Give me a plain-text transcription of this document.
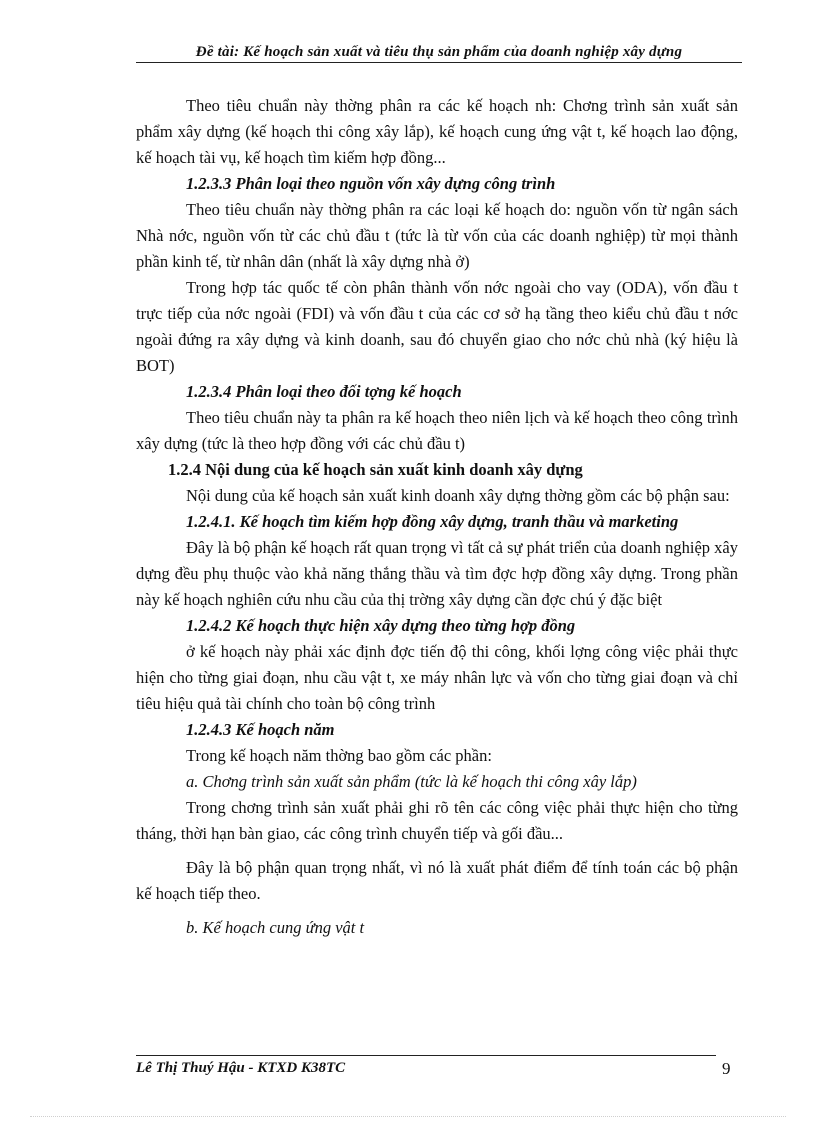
Đề tài: Kế hoạch sản xuất và tiêu thụ sản phẩm của doanh nghiệp xây dựng

Theo tiêu chuẩn này thờng phân ra các kế hoạch nh: Chơng trình sản xuất sản phẩm xây dựng (kế hoạch thi công xây lắp), kế hoạch cung ứng vật t, kế hoạch lao động, kế hoạch tài vụ, kế hoạch tìm kiếm hợp đồng...

1.2.3.3 Phân loại theo nguồn vốn xây dựng công trình

Theo tiêu chuẩn này thờng phân ra các loại kế hoạch do: nguồn vốn từ ngân sách Nhà nớc, nguồn vốn từ các chủ đầu t (tức là từ vốn của các doanh nghiệp) từ mọi thành phần kinh tế, từ nhân dân (nhất là xây dựng nhà ở)

Trong hợp tác quốc tế còn phân thành vốn nớc ngoài cho vay (ODA), vốn đầu t trực tiếp của nớc ngoài (FDI) và vốn đầu t của các cơ sở hạ tầng theo kiểu chủ đầu t nớc ngoài đứng ra xây dựng và kinh doanh, sau đó chuyển giao cho nớc chủ nhà (ký hiệu là BOT)

1.2.3.4 Phân loại theo đối tợng kế hoạch

Theo tiêu chuẩn này ta phân ra kế hoạch theo niên lịch và kế hoạch theo công trình xây dựng (tức là theo hợp đồng với các chủ đầu t)

1.2.4 Nội dung của kế hoạch sản xuất kinh doanh xây dựng

Nội dung của kế hoạch sản xuất kinh doanh xây dựng thờng gồm các bộ phận sau:

1.2.4.1. Kế hoạch tìm kiếm hợp đồng xây dựng, tranh thầu và marketing

Đây là bộ phận kế hoạch rất quan trọng vì tất cả sự phát triển của doanh nghiệp xây dựng đều phụ thuộc vào khả năng thắng thầu và tìm đợc hợp đồng xây dựng. Trong phần này kế hoạch nghiên cứu nhu cầu của thị trờng xây dựng cần đợc chú ý đặc biệt

1.2.4.2 Kế hoạch thực hiện xây dựng theo từng hợp đồng

ở kế hoạch này phải xác định đợc tiến độ thi công, khối lợng công việc phải thực hiện cho từng giai đoạn, nhu cầu vật t, xe máy nhân lực và vốn cho từng giai đoạn và chỉ tiêu hiệu quả tài chính cho toàn bộ công trình

1.2.4.3 Kế hoạch năm

Trong kế hoạch năm thờng bao gồm các phần:

a. Chơng trình sản xuất sản phẩm (tức là kế hoạch thi công xây lắp)

Trong chơng trình sản xuất phải ghi rõ tên các công việc phải thực hiện cho từng tháng, thời hạn bàn giao, các công trình chuyển tiếp và gối đầu...

Đây là bộ phận quan trọng nhất, vì nó là xuất phát điểm để tính toán các bộ phận kế hoạch tiếp theo.

b. Kế hoạch cung ứng vật t

Lê Thị Thuý Hậu - KTXD K38TC	9
